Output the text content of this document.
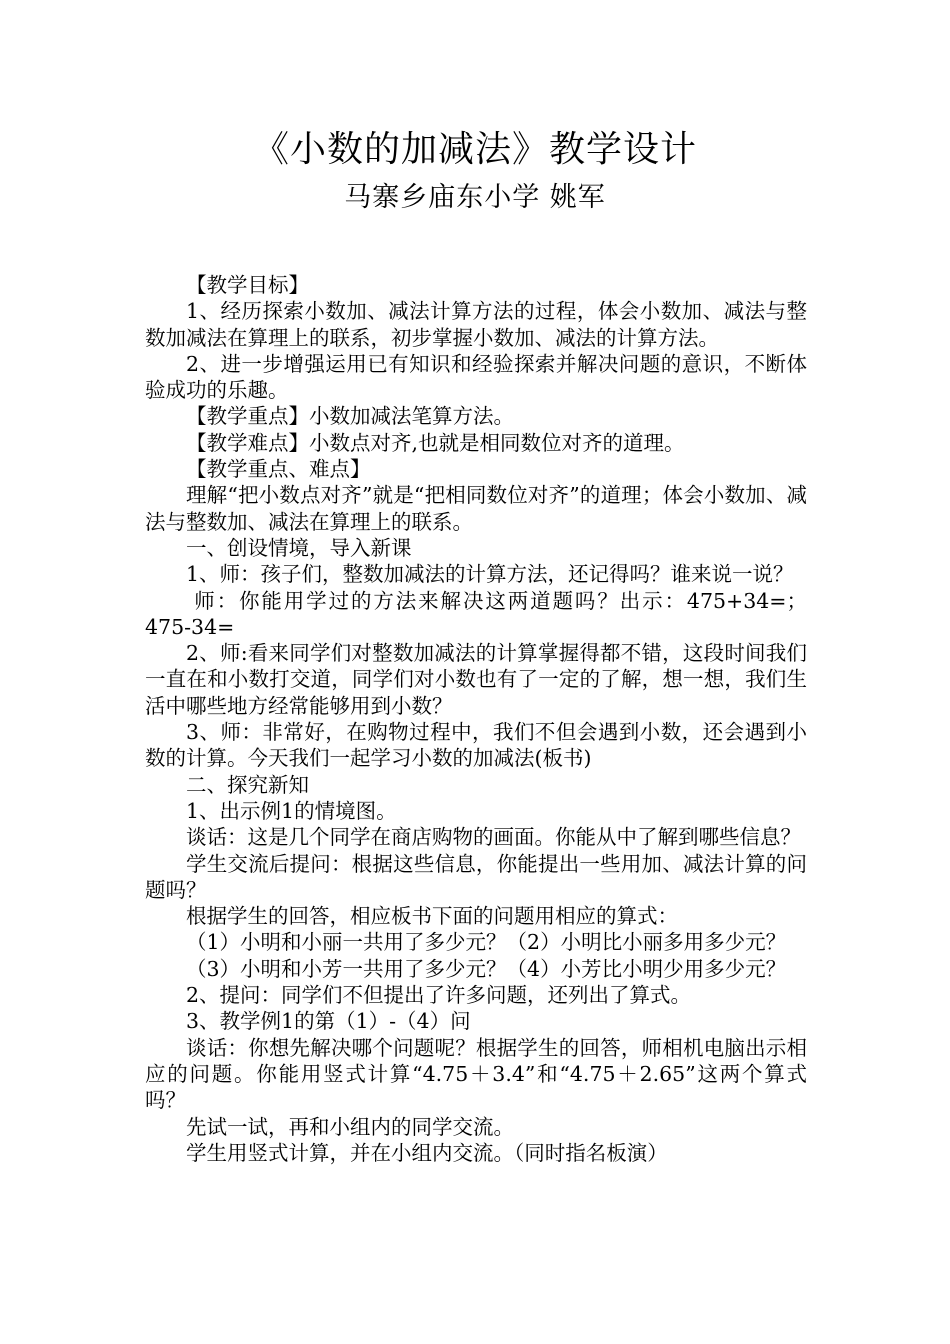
《小数的加减法》教学设计
马寨乡庙东小学 姚军

【教学目标】

1、经历探索小数加、减法计算方法的过程，体会小数加、减法与整数加减法在算理上的联系，初步掌握小数加、减法的计算方法。

2、进一步增强运用已有知识和经验探索并解决问题的意识，不断体验成功的乐趣。

【教学重点】小数加减法笔算方法。

【教学难点】小数点对齐,也就是相同数位对齐的道理。

【教学重点、难点】

理解“把小数点对齐”就是“把相同数位对齐”的道理；体会小数加、减法与整数加、减法在算理上的联系。

一、创设情境，导入新课

1、师：孩子们，整数加减法的计算方法，还记得吗？谁来说一说？

师：你能用学过的方法来解决这两道题吗？出示：475+34=；475-34=

2、师:看来同学们对整数加减法的计算掌握得都不错，这段时间我们一直在和小数打交道，同学们对小数也有了一定的了解，想一想，我们生活中哪些地方经常能够用到小数？

3、师：非常好，在购物过程中，我们不但会遇到小数，还会遇到小数的计算。今天我们一起学习小数的加减法(板书)

二、探究新知

1、出示例1的情境图。

谈话：这是几个同学在商店购物的画面。你能从中了解到哪些信息？

学生交流后提问：根据这些信息，你能提出一些用加、减法计算的问题吗？

根据学生的回答，相应板书下面的问题用相应的算式：

（1）小明和小丽一共用了多少元？（2）小明比小丽多用多少元？

（3）小明和小芳一共用了多少元？（4）小芳比小明少用多少元？

2、提问：同学们不但提出了许多问题，还列出了算式。

3、教学例1的第（1）-（4）问

谈话：你想先解决哪个问题呢？根据学生的回答，师相机电脑出示相应的问题。你能用竖式计算“4.75＋3.4”和“4.75＋2.65”这两个算式吗？

先试一试，再和小组内的同学交流。

学生用竖式计算，并在小组内交流。（同时指名板演）
